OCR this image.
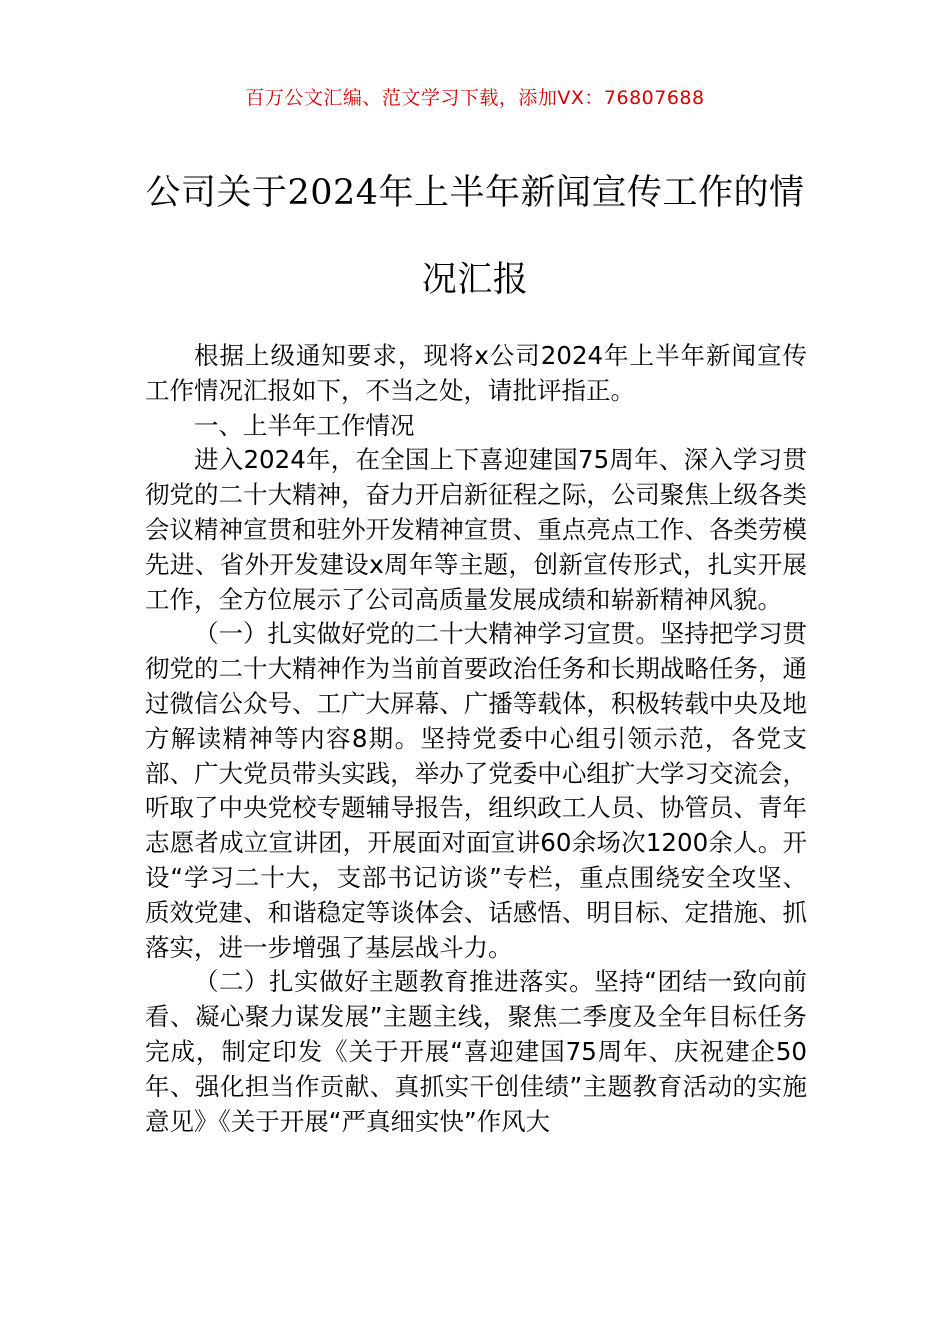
百万公文汇编、范文学习下载，添加VX：76807688
公司关于2024年上半年新闻宣传工作的情况汇报

根据上级通知要求，现将x公司2024年上半年新闻宣传工作情况汇报如下，不当之处，请批评指正。

一、上半年工作情况

进入2024年，在全国上下喜迎建国75周年、深入学习贯彻党的二十大精神，奋力开启新征程之际，公司聚焦上级各类会议精神宣贯和驻外开发精神宣贯、重点亮点工作、各类劳模先进、省外开发建设x周年等主题，创新宣传形式，扎实开展工作，全方位展示了公司高质量发展成绩和崭新精神风貌。

（一）扎实做好党的二十大精神学习宣贯。坚持把学习贯彻党的二十大精神作为当前首要政治任务和长期战略任务，通过微信公众号、工广大屏幕、广播等载体，积极转载中央及地方解读精神等内容8期。坚持党委中心组引领示范，各党支部、广大党员带头实践，举办了党委中心组扩大学习交流会，听取了中央党校专题辅导报告，组织政工人员、协管员、青年志愿者成立宣讲团，开展面对面宣讲60余场次1200余人。开设“学习二十大，支部书记访谈”专栏，重点围绕安全攻坚、质效党建、和谐稳定等谈体会、话感悟、明目标、定措施、抓落实，进一步增强了基层战斗力。

（二）扎实做好主题教育推进落实。坚持“团结一致向前看、凝心聚力谋发展”主题主线，聚焦二季度及全年目标任务完成，制定印发《关于开展“喜迎建国75周年、庆祝建企50年、强化担当作贡献、真抓实干创佳绩”主题教育活动的实施意见》《关于开展“严真细实快”作风大
